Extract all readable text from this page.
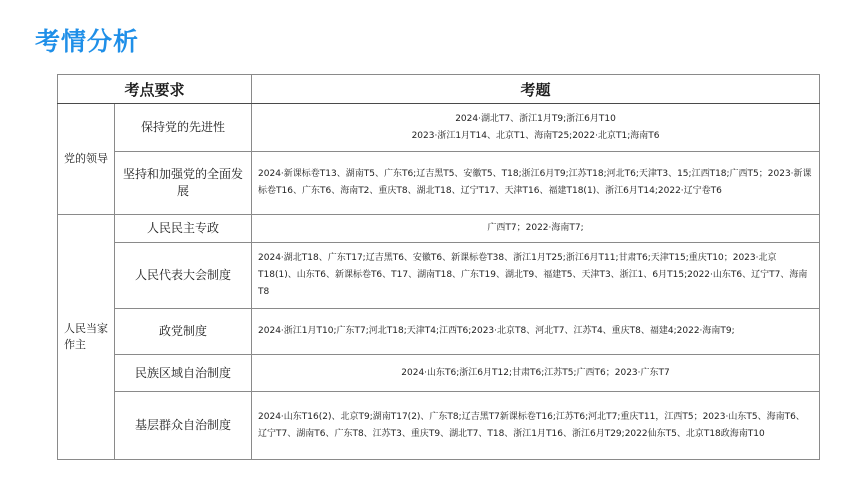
考情分析
考点要求		考题
党的领导	保持党的先进性	2024·湖北T7、浙江1月T9;浙江6月T10
2023·浙江1月T14、北京T1、海南T25;2022·北京T1;海南T6

	坚持和加强党的全面发展	2024·新课标卷T13、湖南T5、广东T6;辽吉黑T5、安徽T5、T18;浙江6月T9;江苏T18;河北T6;天津T3、15;江西T18;广西T5；2023·新课标卷T16、广东T6、海南T2、重庆T8、湖北T18、辽宁T17、天津T16、福建T18(1)、浙江6月T14;2022·辽宁卷T6
人民当家作主	人民民主专政	广西T7；2022·海南T7;
	人民代表大会制度	2024·湖北T18、广东T17;辽吉黑T6、安徽T6、新课标卷T38、浙江1月T25;浙江6月T11;甘肃T6;天津T15;重庆T10；2023·北京T18(1)、山东T6、新课标卷T6、T17、湖南T18、广东T19、湖北T9、福建T5、天津T3、浙江1、6月T15;2022·山东T6、辽宁T7、海南T8
	政党制度	2024·浙江1月T10;广东T7;河北T18;天津T4;江西T6;2023·北京T8、河北T7、江苏T4、重庆T8、福建4;2022·海南T9;
	民族区域自治制度	2024·山东T6;浙江6月T12;甘肃T6;江苏T5;广西T6；2023·广东T7
	基层群众自治制度	2024·山东T16(2)、北京T9;湖南T17(2)、广东T8;辽吉黑T7新课标卷T16;江苏T6;河北T7;重庆T11，江西T5；2023·山东T5、海南T6、辽宁T7、湖南T6、广东T8、江苏T3、重庆T9、湖北T7、T18、浙江1月T16、浙江6月T29;2022仙东T5、北京T18政海南T10
